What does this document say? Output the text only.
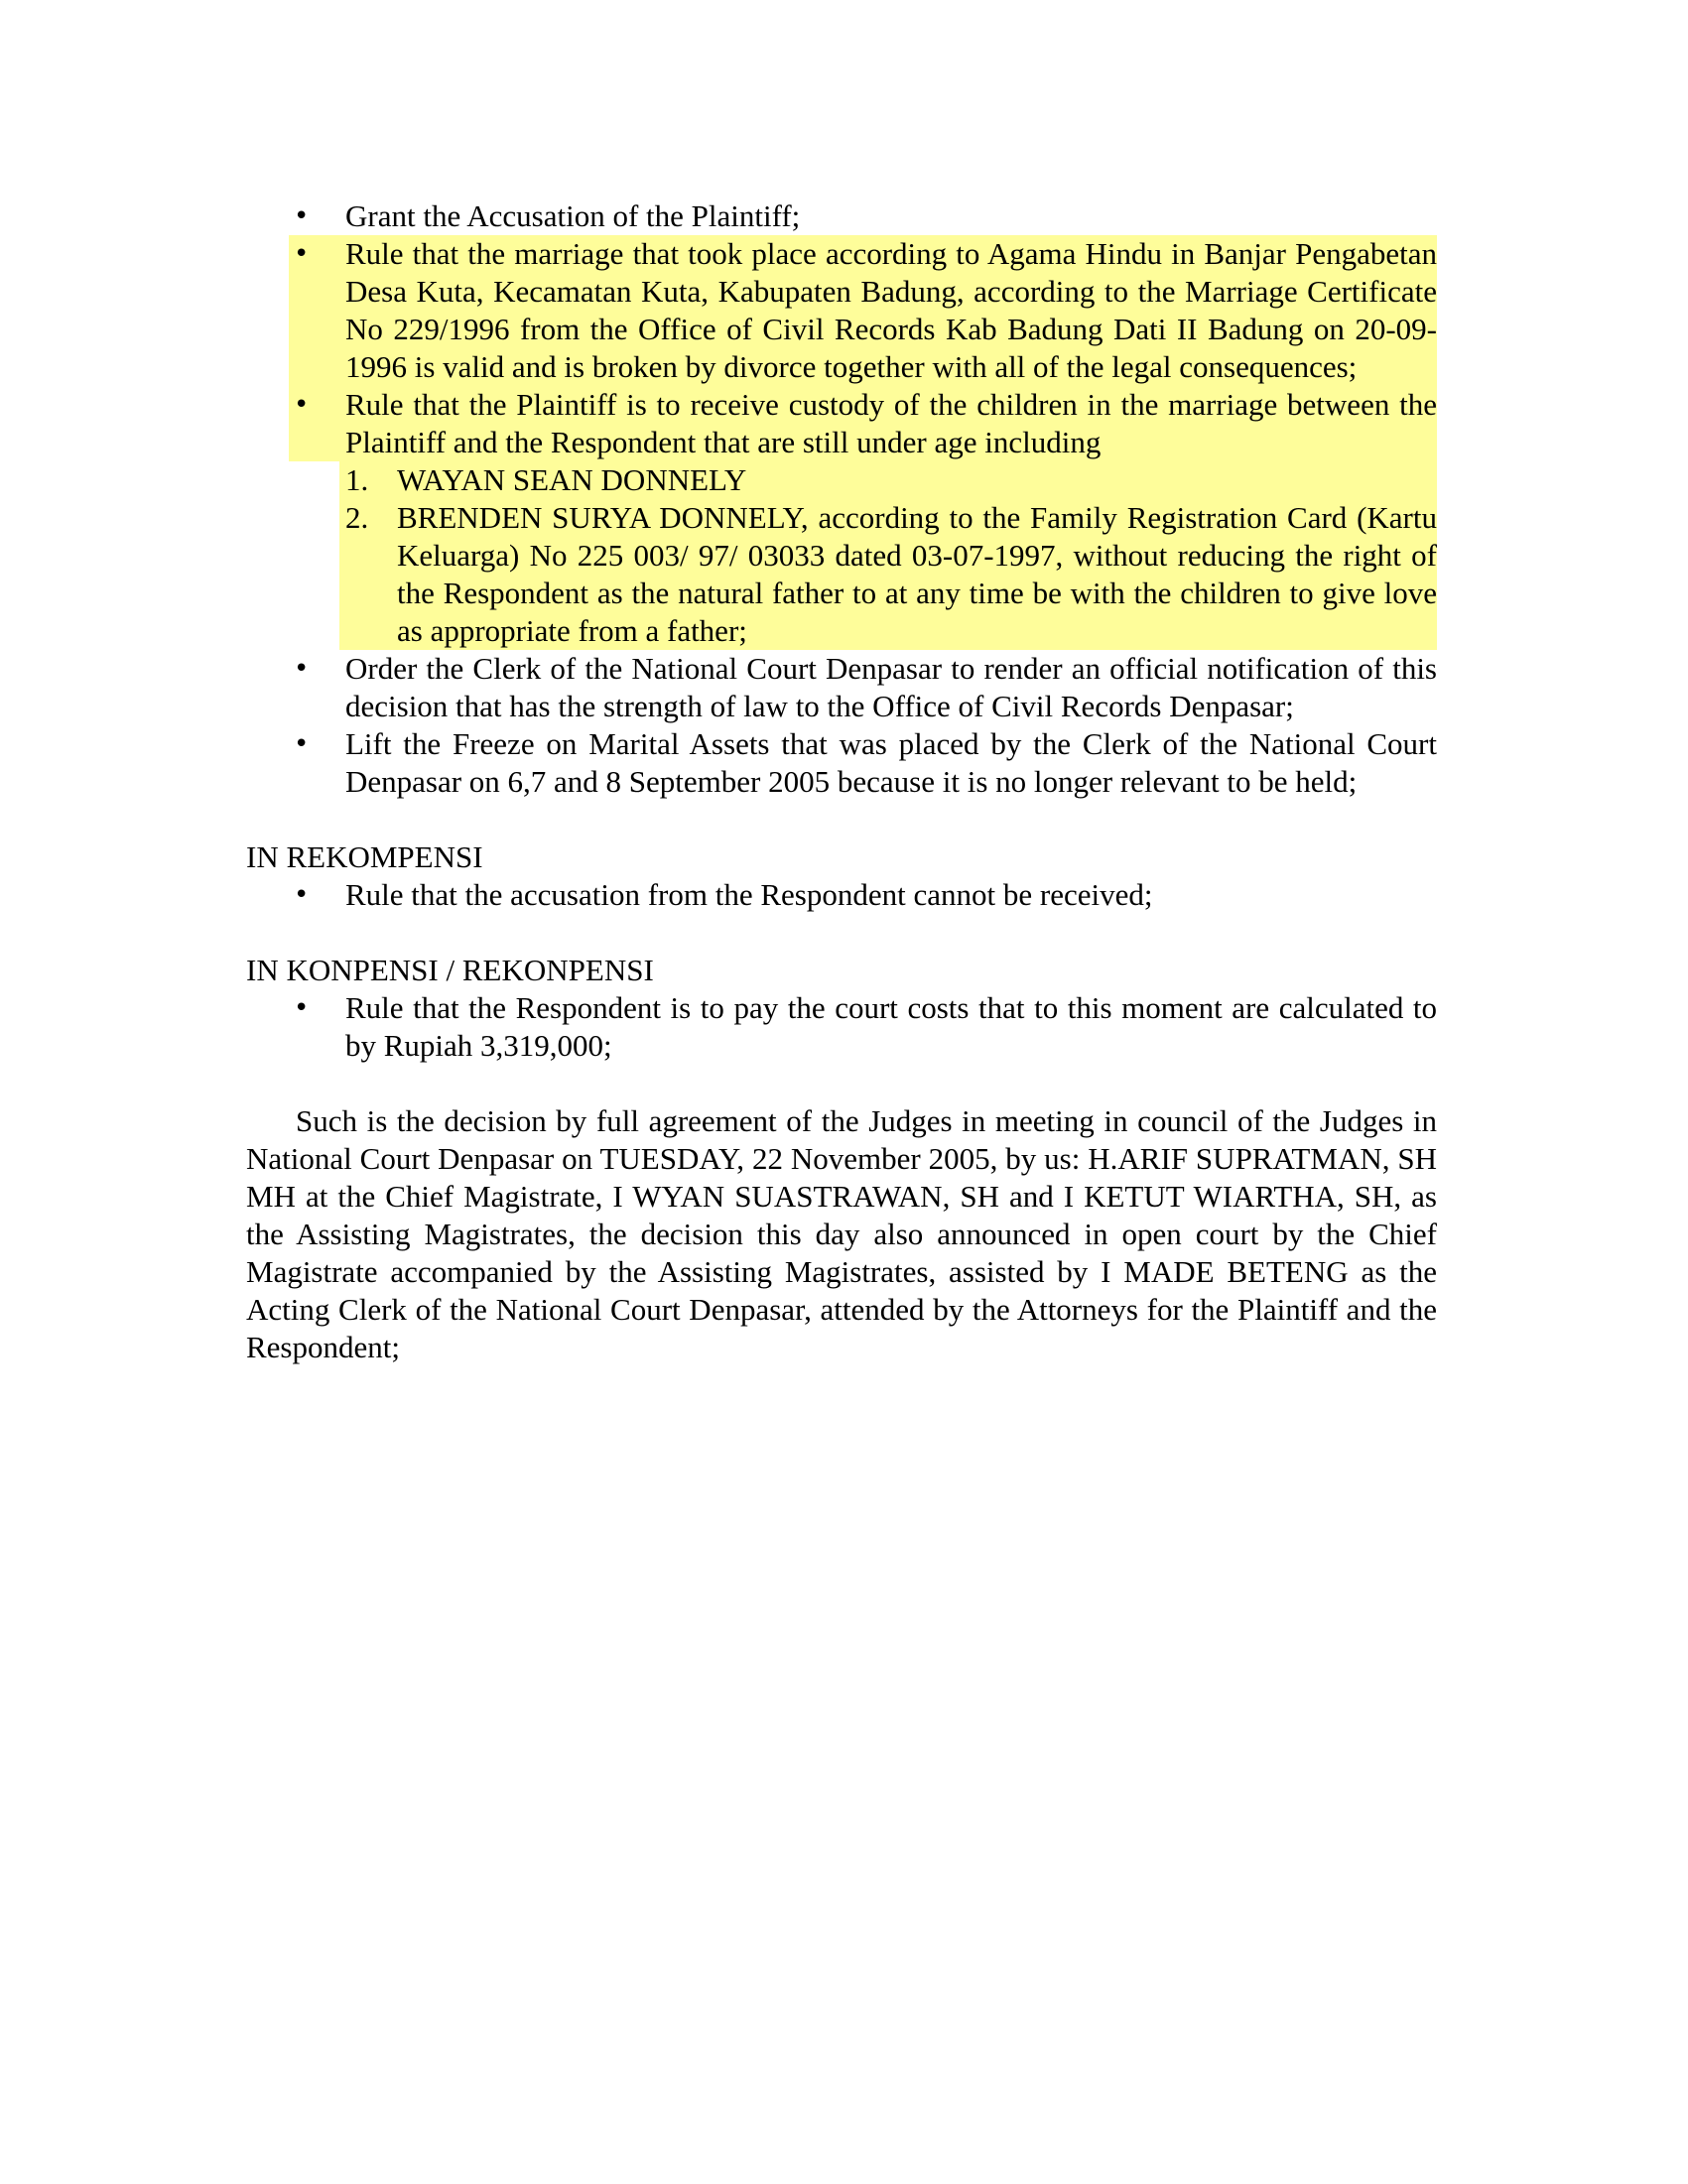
• Grant the Accusation of the Plaintiff;
• Rule that the marriage that took place according to Agama Hindu in Banjar Pengabetan Desa Kuta, Kecamatan Kuta, Kabupaten Badung, according to the Marriage Certificate No 229/1996 from the Office of Civil Records Kab Badung Dati II Badung on 20-09-1996 is valid and is broken by divorce together with all of the legal consequences;
• Rule that the Plaintiff is to receive custody of the children in the marriage between the Plaintiff and the Respondent that are still under age including
1. WAYAN SEAN DONNELY
2. BRENDEN SURYA DONNELY, according to the Family Registration Card (Kartu Keluarga) No 225 003/ 97/ 03033 dated 03-07-1997, without reducing the right of the Respondent as the natural father to at any time be with the children to give love as appropriate from a father;
• Order the Clerk of the National Court Denpasar to render an official notification of this decision that has the strength of law to the Office of Civil Records Denpasar;
• Lift the Freeze on Marital Assets that was placed by the Clerk of the National Court Denpasar on 6,7 and 8 September 2005 because it is no longer relevant to be held;
IN REKOMPENSI
• Rule that the accusation from the Respondent cannot be received;
IN KONPENSI / REKONPENSI
• Rule that the Respondent is to pay the court costs that to this moment are calculated to by Rupiah 3,319,000;

Such is the decision by full agreement of the Judges in meeting in council of the Judges in National Court Denpasar on TUESDAY, 22 November 2005, by us: H.ARIF SUPRATMAN, SH MH at the Chief Magistrate, I WYAN SUASTRAWAN, SH and I KETUT WIARTHA, SH, as the Assisting Magistrates, the decision this day also announced in open court by the Chief Magistrate accompanied by the Assisting Magistrates, assisted by I MADE BETENG as the Acting Clerk of the National Court Denpasar, attended by the Attorneys for the Plaintiff and the Respondent;
